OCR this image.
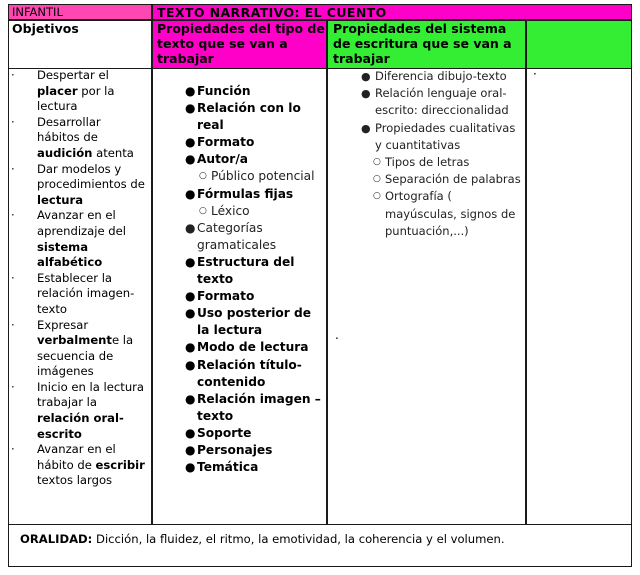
INFANTIL	TEXTO NARRATIVO: EL CUENTO
Objetivos	Propiedades del tipo de texto que se van a trabajar
Propiedades del sistema de escritura que se van a trabajar
· Despertar el placer por la lectura
· Desarrollar hábitos de audición atenta
· Dar modelos y procedimientos de lectura
· Avanzar en el aprendizaje del sistema alfabético
· Establecer la relación imagen-texto
· Expresar verbalmente la secuencia de imágenes
· Inicio en la lectura trabajar la relación oral-escrito
· Avanzar en el hábito de escribir textos largos
● Función
● Relación con lo real
● Formato
● Autor/a
○ Público potencial
● Fórmulas fijas
○ Léxico
● Categorías gramaticales
● Estructura del texto
● Formato
● Uso posterior de la lectura
● Modo de lectura
● Relación título-contenido
● Relación imagen –texto
● Soporte
● Personajes
● Temática
● Diferencia dibujo-texto
● Relación lenguaje oral-escrito: direccionalidad
● Propiedades cualitativas y cuantitativas
○ Tipos de letras
○ Separación de palabras
○ Ortografía ( mayúsculas, signos de puntuación,...)
.
·
ORALIDAD: Dicción, la fluidez, el ritmo, la emotividad, la coherencia y el volumen.
